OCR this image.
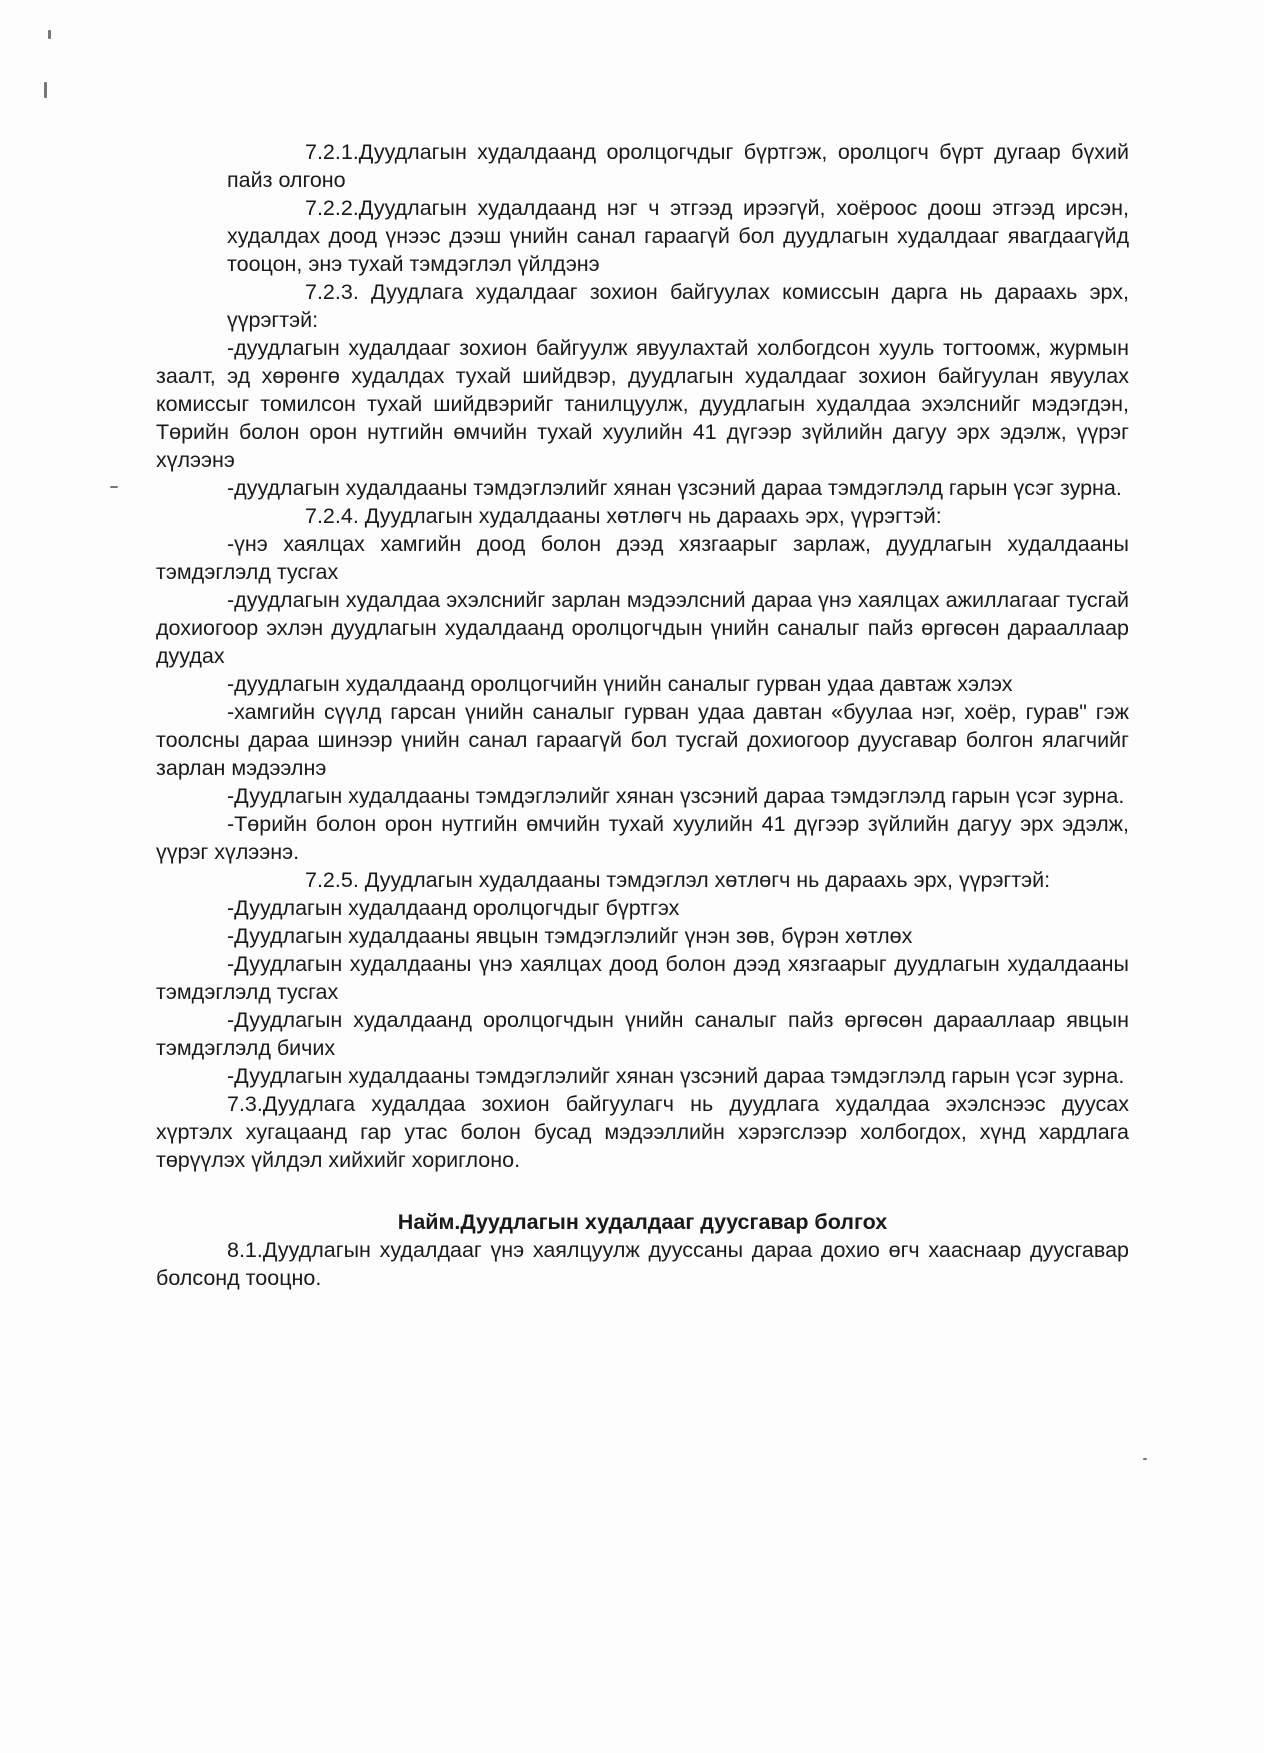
7.2.1.Дуудлагын худалдаанд оролцогчдыг бүртгэж, оролцогч бүрт дугаар бүхий пайз олгоно

7.2.2.Дуудлагын худалдаанд нэг ч этгээд ирээгүй, хоёроос доош этгээд ирсэн, худалдах доод үнээс дээш үнийн санал гараагүй бол дуудлагын худалдааг явагдаагүйд тооцон, энэ тухай тэмдэглэл үйлдэнэ

7.2.3. Дуудлага худалдааг зохион байгуулах комиссын дарга нь дараахь эрх, үүрэгтэй:

-дуудлагын худалдааг зохион байгуулж явуулахтай холбогдсон хууль тогтоомж, журмын заалт, эд хөрөнгө худалдах тухай шийдвэр, дуудлагын худалдааг зохион байгуулан явуулах комиссыг томилсон тухай шийдвэрийг танилцуулж, дуудлагын худалдаа эхэлснийг мэдэгдэн, Төрийн болон орон нутгийн өмчийн тухай хуулийн 41 дүгээр зүйлийн дагуу эрх эдэлж, үүрэг хүлээнэ

-дуудлагын худалдааны тэмдэглэлийг хянан үзсэний дараа тэмдэглэлд гарын үсэг зурна.

7.2.4. Дуудлагын худалдааны хөтлөгч нь дараахь эрх, үүрэгтэй:

-үнэ хаялцах хамгийн доод болон дээд хязгаарыг зарлаж, дуудлагын худалдааны тэмдэглэлд тусгах

-дуудлагын худалдаа эхэлснийг зарлан мэдээлсний дараа үнэ хаялцах ажиллагааг тусгай дохиогоор эхлэн дуудлагын худалдаанд оролцогчдын үнийн саналыг пайз өргөсөн дарааллаар дуудах

-дуудлагын худалдаанд оролцогчийн үнийн саналыг гурван удаа давтаж хэлэх

-хамгийн сүүлд гарсан үнийн саналыг гурван удаа давтан «буулаа нэг, хоёр, гурав" гэж тоолсны дараа шинээр үнийн санал гараагүй бол тусгай дохиогоор дуусгавар болгон ялагчийг зарлан мэдээлнэ

-Дуудлагын худалдааны тэмдэглэлийг хянан үзсэний дараа тэмдэглэлд гарын үсэг зурна.

-Төрийн болон орон нутгийн өмчийн тухай хуулийн 41 дүгээр зүйлийн дагуу эрх эдэлж, үүрэг хүлээнэ.

7.2.5. Дуудлагын худалдааны тэмдэглэл хөтлөгч нь дараахь эрх, үүрэгтэй:

-Дуудлагын худалдаанд оролцогчдыг бүртгэх

-Дуудлагын худалдааны явцын тэмдэглэлийг үнэн зөв, бүрэн хөтлөх

-Дуудлагын худалдааны үнэ хаялцах доод болон дээд хязгаарыг дуудлагын худалдааны тэмдэглэлд тусгах

-Дуудлагын худалдаанд оролцогчдын үнийн саналыг пайз өргөсөн дарааллаар явцын тэмдэглэлд бичих

-Дуудлагын худалдааны тэмдэглэлийг хянан үзсэний дараа тэмдэглэлд гарын үсэг зурна.

7.3.Дуудлага худалдаа зохион байгуулагч нь дуудлага худалдаа эхэлснээс дуусах хүртэлх хугацаанд гар утас болон бусад мэдээллийн хэрэгслээр холбогдох, хүнд хардлага төрүүлэх үйлдэл хийхийг хориглоно.

Найм.Дуудлагын худалдааг дуусгавар болгох

8.1.Дуудлагын худалдааг үнэ хаялцуулж дууссаны дараа дохио өгч хааснаар дуусгавар болсонд тооцно.
